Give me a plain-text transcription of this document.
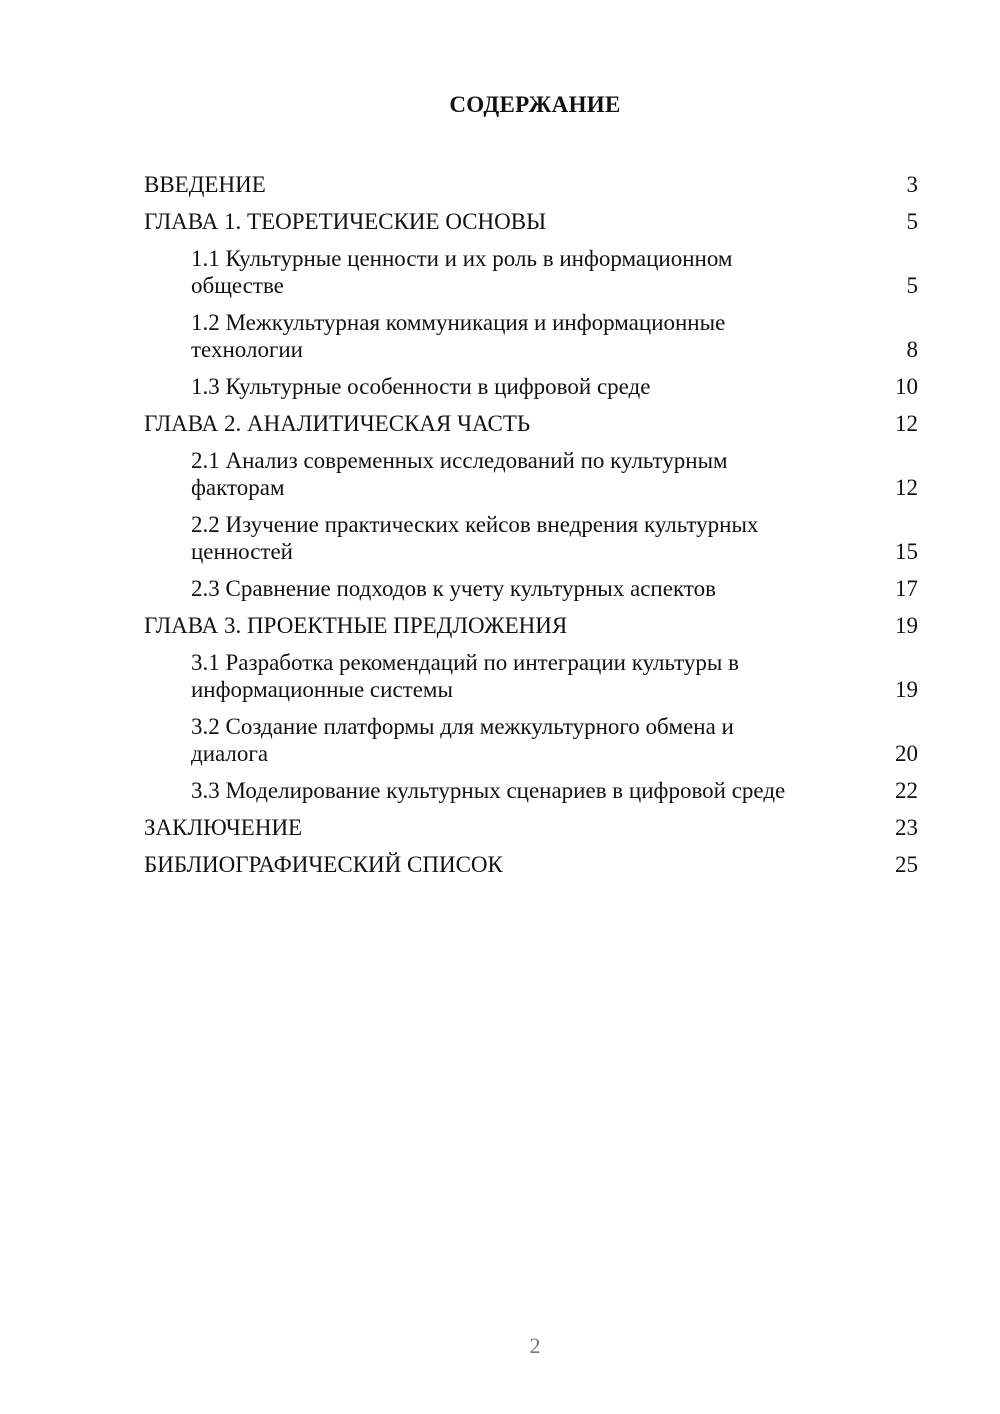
СОДЕРЖАНИЕ
ВВЕДЕНИЕ	3
ГЛАВА 1. ТЕОРЕТИЧЕСКИЕ ОСНОВЫ	5
1.1 Культурные ценности и их роль в информационном обществе	5
1.2 Межкультурная коммуникация и информационные технологии	8
1.3 Культурные особенности в цифровой среде	10
ГЛАВА 2. АНАЛИТИЧЕСКАЯ ЧАСТЬ	12
2.1 Анализ современных исследований по культурным факторам	12
2.2 Изучение практических кейсов внедрения культурных ценностей	15
2.3 Сравнение подходов к учету культурных аспектов	17
ГЛАВА 3. ПРОЕКТНЫЕ ПРЕДЛОЖЕНИЯ	19
3.1 Разработка рекомендаций по интеграции культуры в информационные системы	19
3.2 Создание платформы для межкультурного обмена и диалога	20
3.3 Моделирование культурных сценариев в цифровой среде	22
ЗАКЛЮЧЕНИЕ	23
БИБЛИОГРАФИЧЕСКИЙ СПИСОК	25
2
